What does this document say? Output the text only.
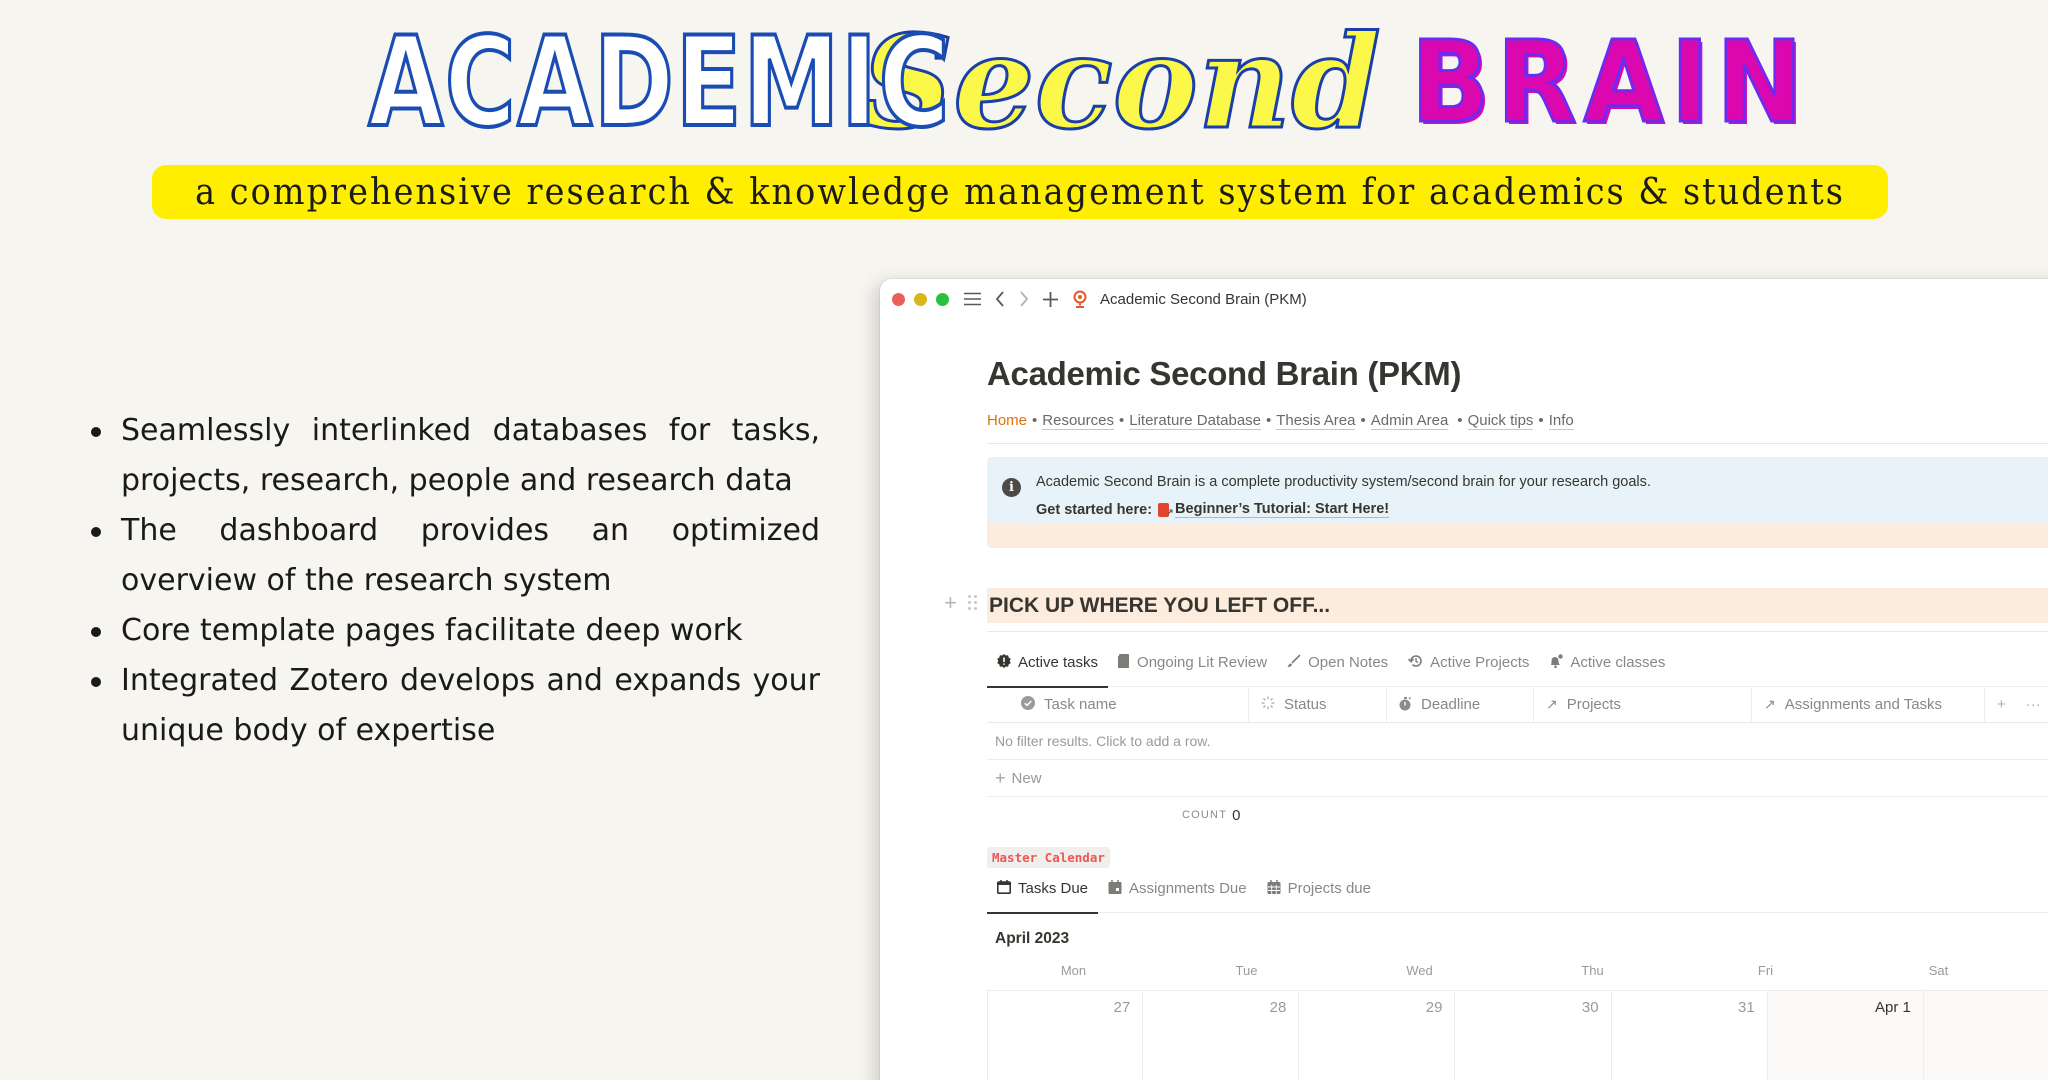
ACADEMIC
Second BRAIN
a comprehensive research & knowledge management system for academics & students
Seamlessly interlinked databases for tasks, projects, research, people and research data
The dashboard provides an optimized overview of the research system
Core template pages facilitate deep work
Integrated Zotero develops and expands your unique body of expertise
Academic Second Brain (PKM)
Academic Second Brain (PKM)
Home • Resources • Literature Database • Thesis Area • Admin Area • Quick tips • Info
i	Academic Second Brain is a complete productivity system/second brain for your research goals.
Get started here: ↗ Beginner’s Tutorial: Start Here!
+ PICK UP WHERE YOU LEFT OFF...
Active tasks	Ongoing Lit Review	Open Notes	Active Projects	Active classes
Task name	Status	Deadline	↗ Projects	↗ Assignments and Tasks	+ ···
No filter results. Click to add a row.
+ New
COUNT 0
Master Calendar
Tasks Due	Assignments Due	Projects due
April 2023
Mon	Tue	Wed	Thu	Fri	Sat
27	28	29	30	31	Apr 1
